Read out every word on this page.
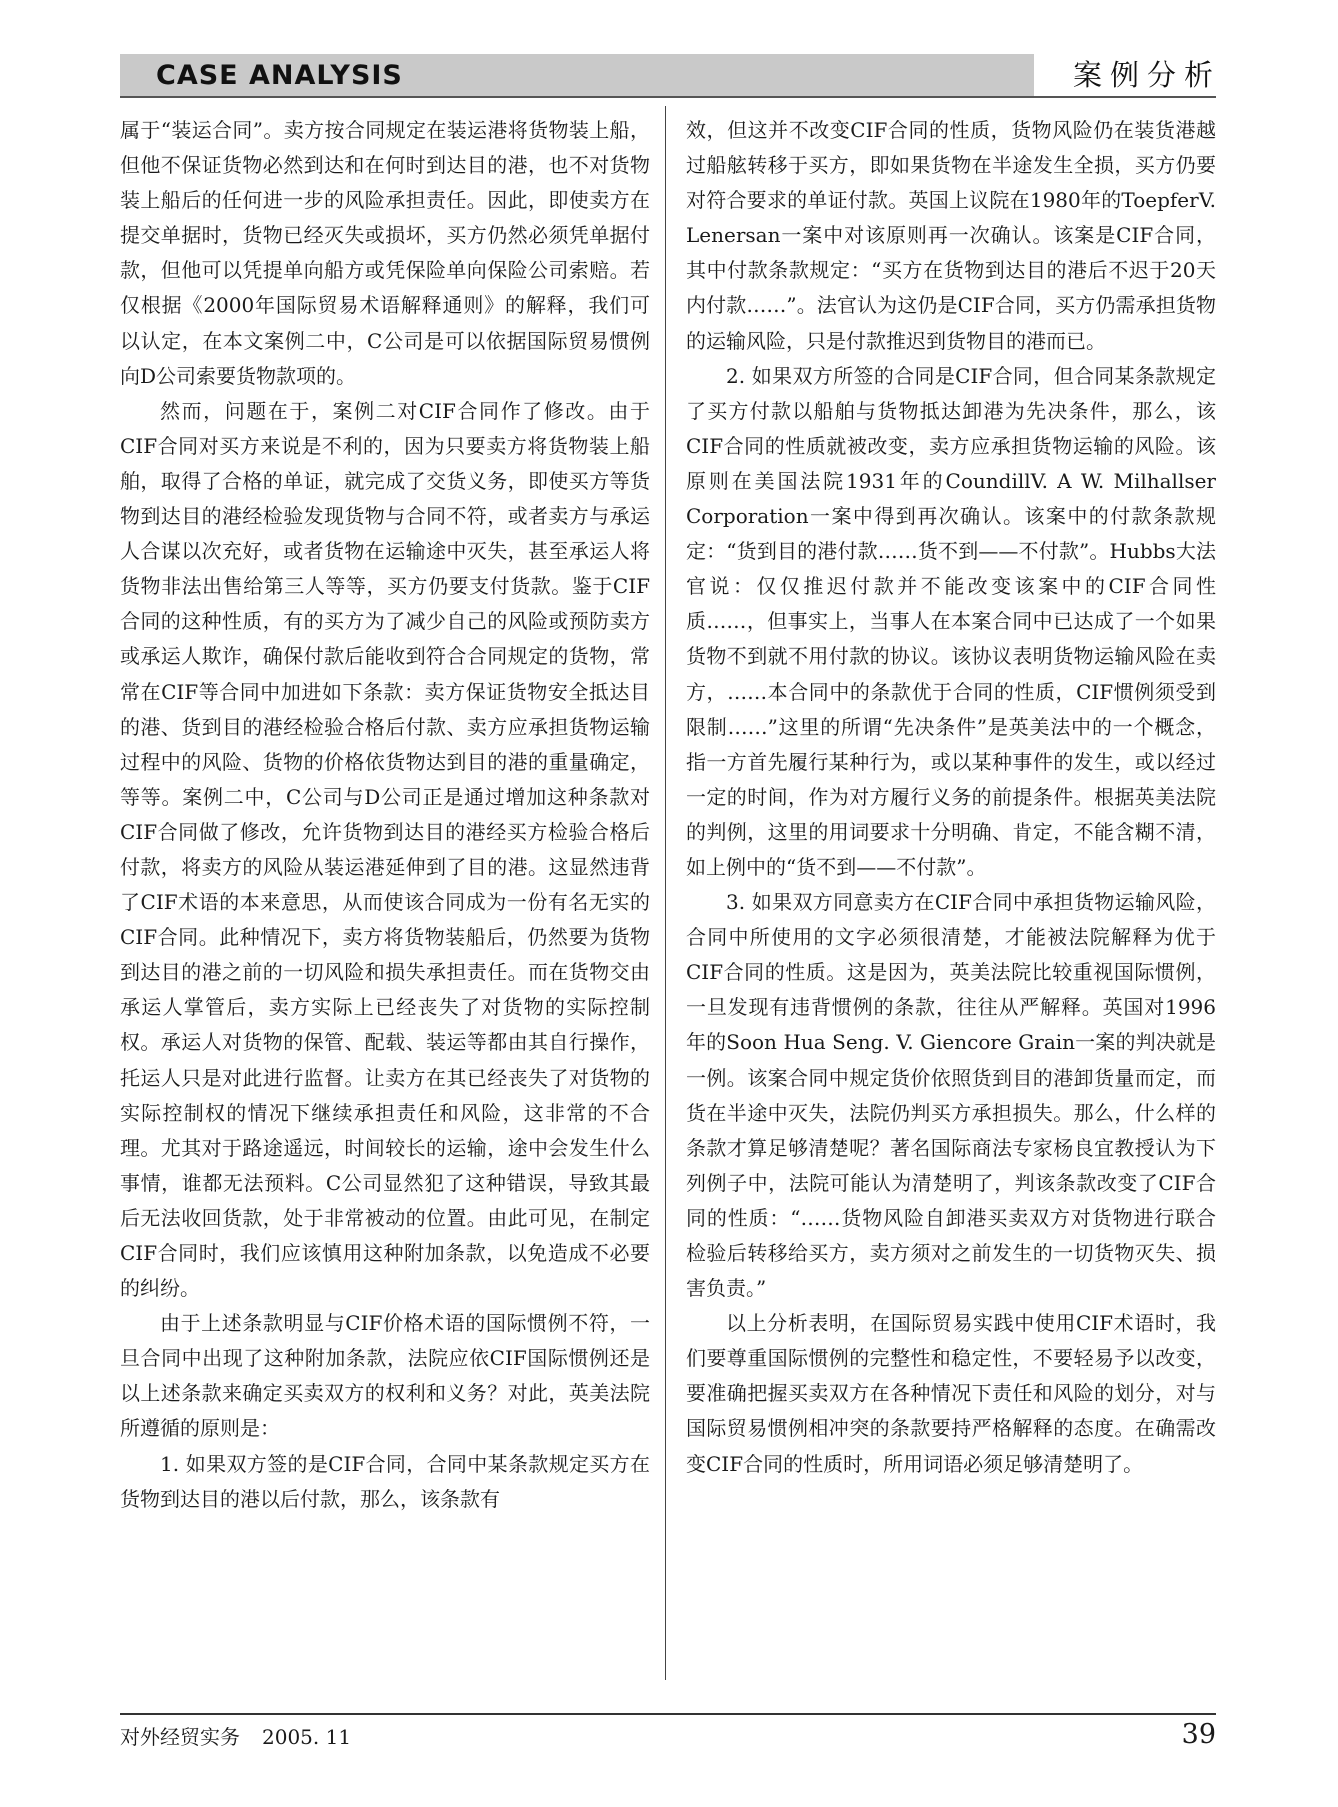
CASE ANALYSIS	案例分析

属于“装运合同”。卖方按合同规定在装运港将货物装上船，但他不保证货物必然到达和在何时到达目的港，也不对货物装上船后的任何进一步的风险承担责任。因此，即使卖方在提交单据时，货物已经灭失或损坏，买方仍然必须凭单据付款，但他可以凭提单向船方或凭保险单向保险公司索赔。若仅根据《2000年国际贸易术语解释通则》的解释，我们可以认定，在本文案例二中，C公司是可以依据国际贸易惯例向D公司索要货物款项的。

然而，问题在于，案例二对CIF合同作了修改。由于CIF合同对买方来说是不利的，因为只要卖方将货物装上船舶，取得了合格的单证，就完成了交货义务，即使买方等货物到达目的港经检验发现货物与合同不符，或者卖方与承运人合谋以次充好，或者货物在运输途中灭失，甚至承运人将货物非法出售给第三人等等，买方仍要支付货款。鉴于CIF合同的这种性质，有的买方为了减少自己的风险或预防卖方或承运人欺诈，确保付款后能收到符合合同规定的货物，常常在CIF等合同中加进如下条款：卖方保证货物安全抵达目的港、货到目的港经检验合格后付款、卖方应承担货物运输过程中的风险、货物的价格依货物达到目的港的重量确定，等等。案例二中，C公司与D公司正是通过增加这种条款对CIF合同做了修改，允许货物到达目的港经买方检验合格后付款，将卖方的风险从装运港延伸到了目的港。这显然违背了CIF术语的本来意思，从而使该合同成为一份有名无实的CIF合同。此种情况下，卖方将货物装船后，仍然要为货物到达目的港之前的一切风险和损失承担责任。而在货物交由承运人掌管后，卖方实际上已经丧失了对货物的实际控制权。承运人对货物的保管、配载、装运等都由其自行操作，托运人只是对此进行监督。让卖方在其已经丧失了对货物的实际控制权的情况下继续承担责任和风险，这非常的不合理。尤其对于路途遥远，时间较长的运输，途中会发生什么事情，谁都无法预料。C公司显然犯了这种错误，导致其最后无法收回货款，处于非常被动的位置。由此可见，在制定CIF合同时，我们应该慎用这种附加条款，以免造成不必要的纠纷。

由于上述条款明显与CIF价格术语的国际惯例不符，一旦合同中出现了这种附加条款，法院应依CIF国际惯例还是以上述条款来确定买卖双方的权利和义务？对此，英美法院所遵循的原则是：

1. 如果双方签的是CIF合同，合同中某条款规定买方在货物到达目的港以后付款，那么，该条款有

效，但这并不改变CIF合同的性质，货物风险仍在装货港越过船舷转移于买方，即如果货物在半途发生全损，买方仍要对符合要求的单证付款。英国上议院在1980年的ToepferV. Lenersan一案中对该原则再一次确认。该案是CIF合同，其中付款条款规定：“买方在货物到达目的港后不迟于20天内付款……”。法官认为这仍是CIF合同，买方仍需承担货物的运输风险，只是付款推迟到货物目的港而已。

2. 如果双方所签的合同是CIF合同，但合同某条款规定了买方付款以船舶与货物抵达卸港为先决条件，那么，该CIF合同的性质就被改变，卖方应承担货物运输的风险。该原则在美国法院1931年的CoundillV. A W. Milhallser Corporation一案中得到再次确认。该案中的付款条款规定：“货到目的港付款……货不到——不付款”。Hubbs大法官说：仅仅推迟付款并不能改变该案中的CIF合同性质……，但事实上，当事人在本案合同中已达成了一个如果货物不到就不用付款的协议。该协议表明货物运输风险在卖方，……本合同中的条款优于合同的性质，CIF惯例须受到限制……”这里的所谓“先决条件”是英美法中的一个概念，指一方首先履行某种行为，或以某种事件的发生，或以经过一定的时间，作为对方履行义务的前提条件。根据英美法院的判例，这里的用词要求十分明确、肯定，不能含糊不清，如上例中的“货不到——不付款”。

3. 如果双方同意卖方在CIF合同中承担货物运输风险，合同中所使用的文字必须很清楚，才能被法院解释为优于CIF合同的性质。这是因为，英美法院比较重视国际惯例，一旦发现有违背惯例的条款，往往从严解释。英国对1996年的Soon Hua Seng. V. Giencore Grain一案的判决就是一例。该案合同中规定货价依照货到目的港卸货量而定，而货在半途中灭失，法院仍判买方承担损失。那么，什么样的条款才算足够清楚呢？著名国际商法专家杨良宜教授认为下列例子中，法院可能认为清楚明了，判该条款改变了CIF合同的性质：“……货物风险自卸港买卖双方对货物进行联合检验后转移给买方，卖方须对之前发生的一切货物灭失、损害负责。”

以上分析表明，在国际贸易实践中使用CIF术语时，我们要尊重国际惯例的完整性和稳定性，不要轻易予以改变，要准确把握买卖双方在各种情况下责任和风险的划分，对与国际贸易惯例相冲突的条款要持严格解释的态度。在确需改变CIF合同的性质时，所用词语必须足够清楚明了。

对外经贸实务 2005. 11	39
